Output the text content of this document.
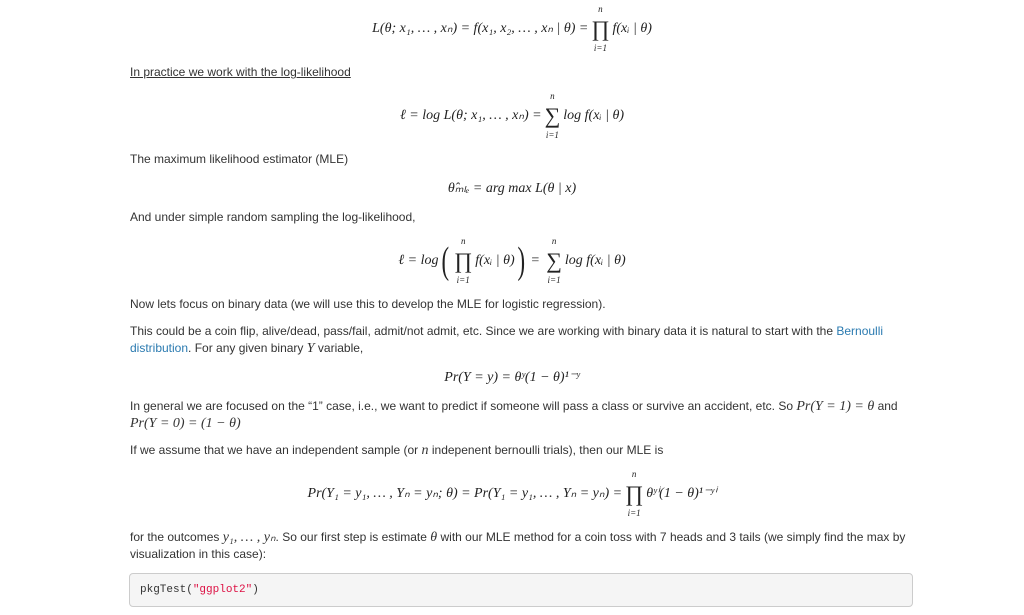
L(θ; x₁, … , xₙ) = f(x₁, x₂, … , xₙ | θ) =
n
∏
i=1
f(xᵢ | θ)
In practice we work with the log-likelihood
ℓ = log L(θ; x₁, … , xₙ) =
n
∑
i=1
log f(xᵢ | θ)
The maximum likelihood estimator (MLE)
θ̂ₘₗₑ = arg max L(θ | x)
And under simple random sampling the log-likelihood,
ℓ = log ( n
∏
i=1
f(xᵢ | θ) ) =
n
∑
i=1
log f(xᵢ | θ)
Now lets focus on binary data (we will use this to develop the MLE for logistic regression).
This could be a coin flip, alive/dead, pass/fail, admit/not admit, etc. Since we are working with binary data it is natural to start with the Bernoulli distribution. For any given binary Y variable,
Pr(Y = y) = θʸ(1 − θ)¹⁻ʸ
In general we are focused on the “1” case, i.e., we want to predict if someone will pass a class or survive an accident, etc. So Pr(Y = 1) = θ and Pr(Y = 0) = (1 − θ)
If we assume that we have an independent sample (or n indepenent bernoulli trials), then our MLE is
Pr(Y₁ = y₁, … , Yₙ = yₙ; θ) = Pr(Y₁ = y₁, … , Yₙ = yₙ) =
n
∏
i=1
θʸⁱ(1 − θ)¹⁻ʸⁱ
for the outcomes y₁, … , yₙ. So our first step is estimate θ with our MLE method for a coin toss with 7 heads and 3 tails (we simply find the max by visualization in this case):
pkgTest("ggplot2")
